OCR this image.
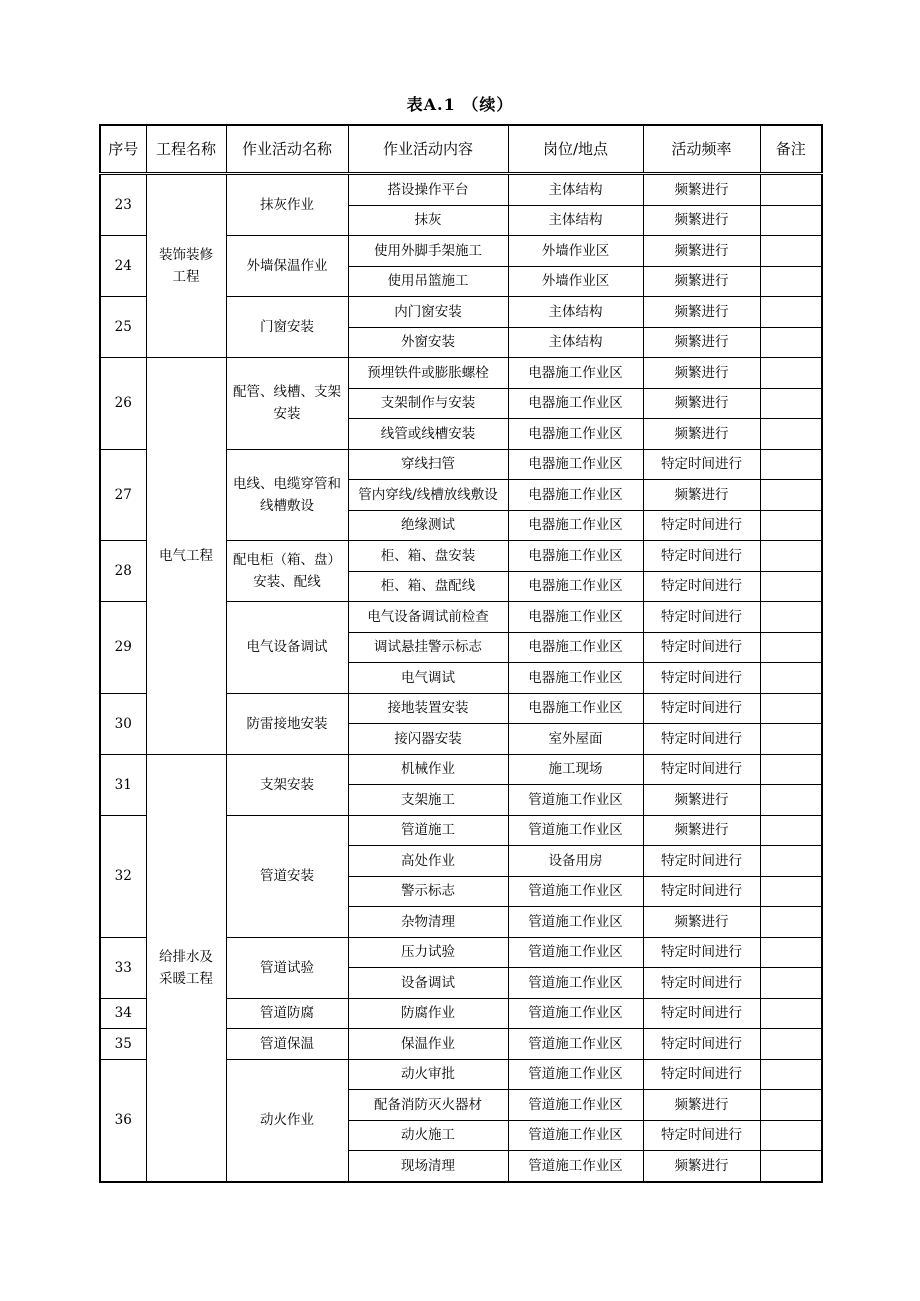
表A.1 （续）
序号	工程名称	作业活动名称	作业活动内容	岗位/地点	活动频率	备注
23	装饰装修工程	抹灰作业	搭设操作平台	主体结构	频繁进行	
			抹灰	主体结构	频繁进行	
24		外墙保温作业	使用外脚手架施工	外墙作业区	频繁进行	
			使用吊篮施工	外墙作业区	频繁进行	
25		门窗安装	内门窗安装	主体结构	频繁进行	
			外窗安装	主体结构	频繁进行	
26	电气工程	配管、线槽、支架安装	预埋铁件或膨胀螺栓	电器施工作业区	频繁进行	
			支架制作与安装	电器施工作业区	频繁进行	
			线管或线槽安装	电器施工作业区	频繁进行	
27		电线、电缆穿管和线槽敷设	穿线扫管	电器施工作业区	特定时间进行	
			管内穿线/线槽放线敷设	电器施工作业区	频繁进行	
			绝缘测试	电器施工作业区	特定时间进行	
28		配电柜（箱、盘）安装、配线	柜、箱、盘安装	电器施工作业区	特定时间进行	
			柜、箱、盘配线	电器施工作业区	特定时间进行	
29		电气设备调试	电气设备调试前检查	电器施工作业区	特定时间进行	
			调试悬挂警示标志	电器施工作业区	特定时间进行	
			电气调试	电器施工作业区	特定时间进行	
30		防雷接地安装	接地装置安装	电器施工作业区	特定时间进行	
			接闪器安装	室外屋面	特定时间进行	
31	给排水及采暖工程	支架安装	机械作业	施工现场	特定时间进行	
			支架施工	管道施工作业区	频繁进行	
32		管道安装	管道施工	管道施工作业区	频繁进行	
			高处作业	设备用房	特定时间进行	
			警示标志	管道施工作业区	特定时间进行	
			杂物清理	管道施工作业区	频繁进行	
33		管道试验	压力试验	管道施工作业区	特定时间进行	
			设备调试	管道施工作业区	特定时间进行	
34		管道防腐	防腐作业	管道施工作业区	特定时间进行	
35		管道保温	保温作业	管道施工作业区	特定时间进行	
36		动火作业	动火审批	管道施工作业区	特定时间进行	
			配备消防灭火器材	管道施工作业区	频繁进行	
			动火施工	管道施工作业区	特定时间进行	
			现场清理	管道施工作业区	频繁进行	
